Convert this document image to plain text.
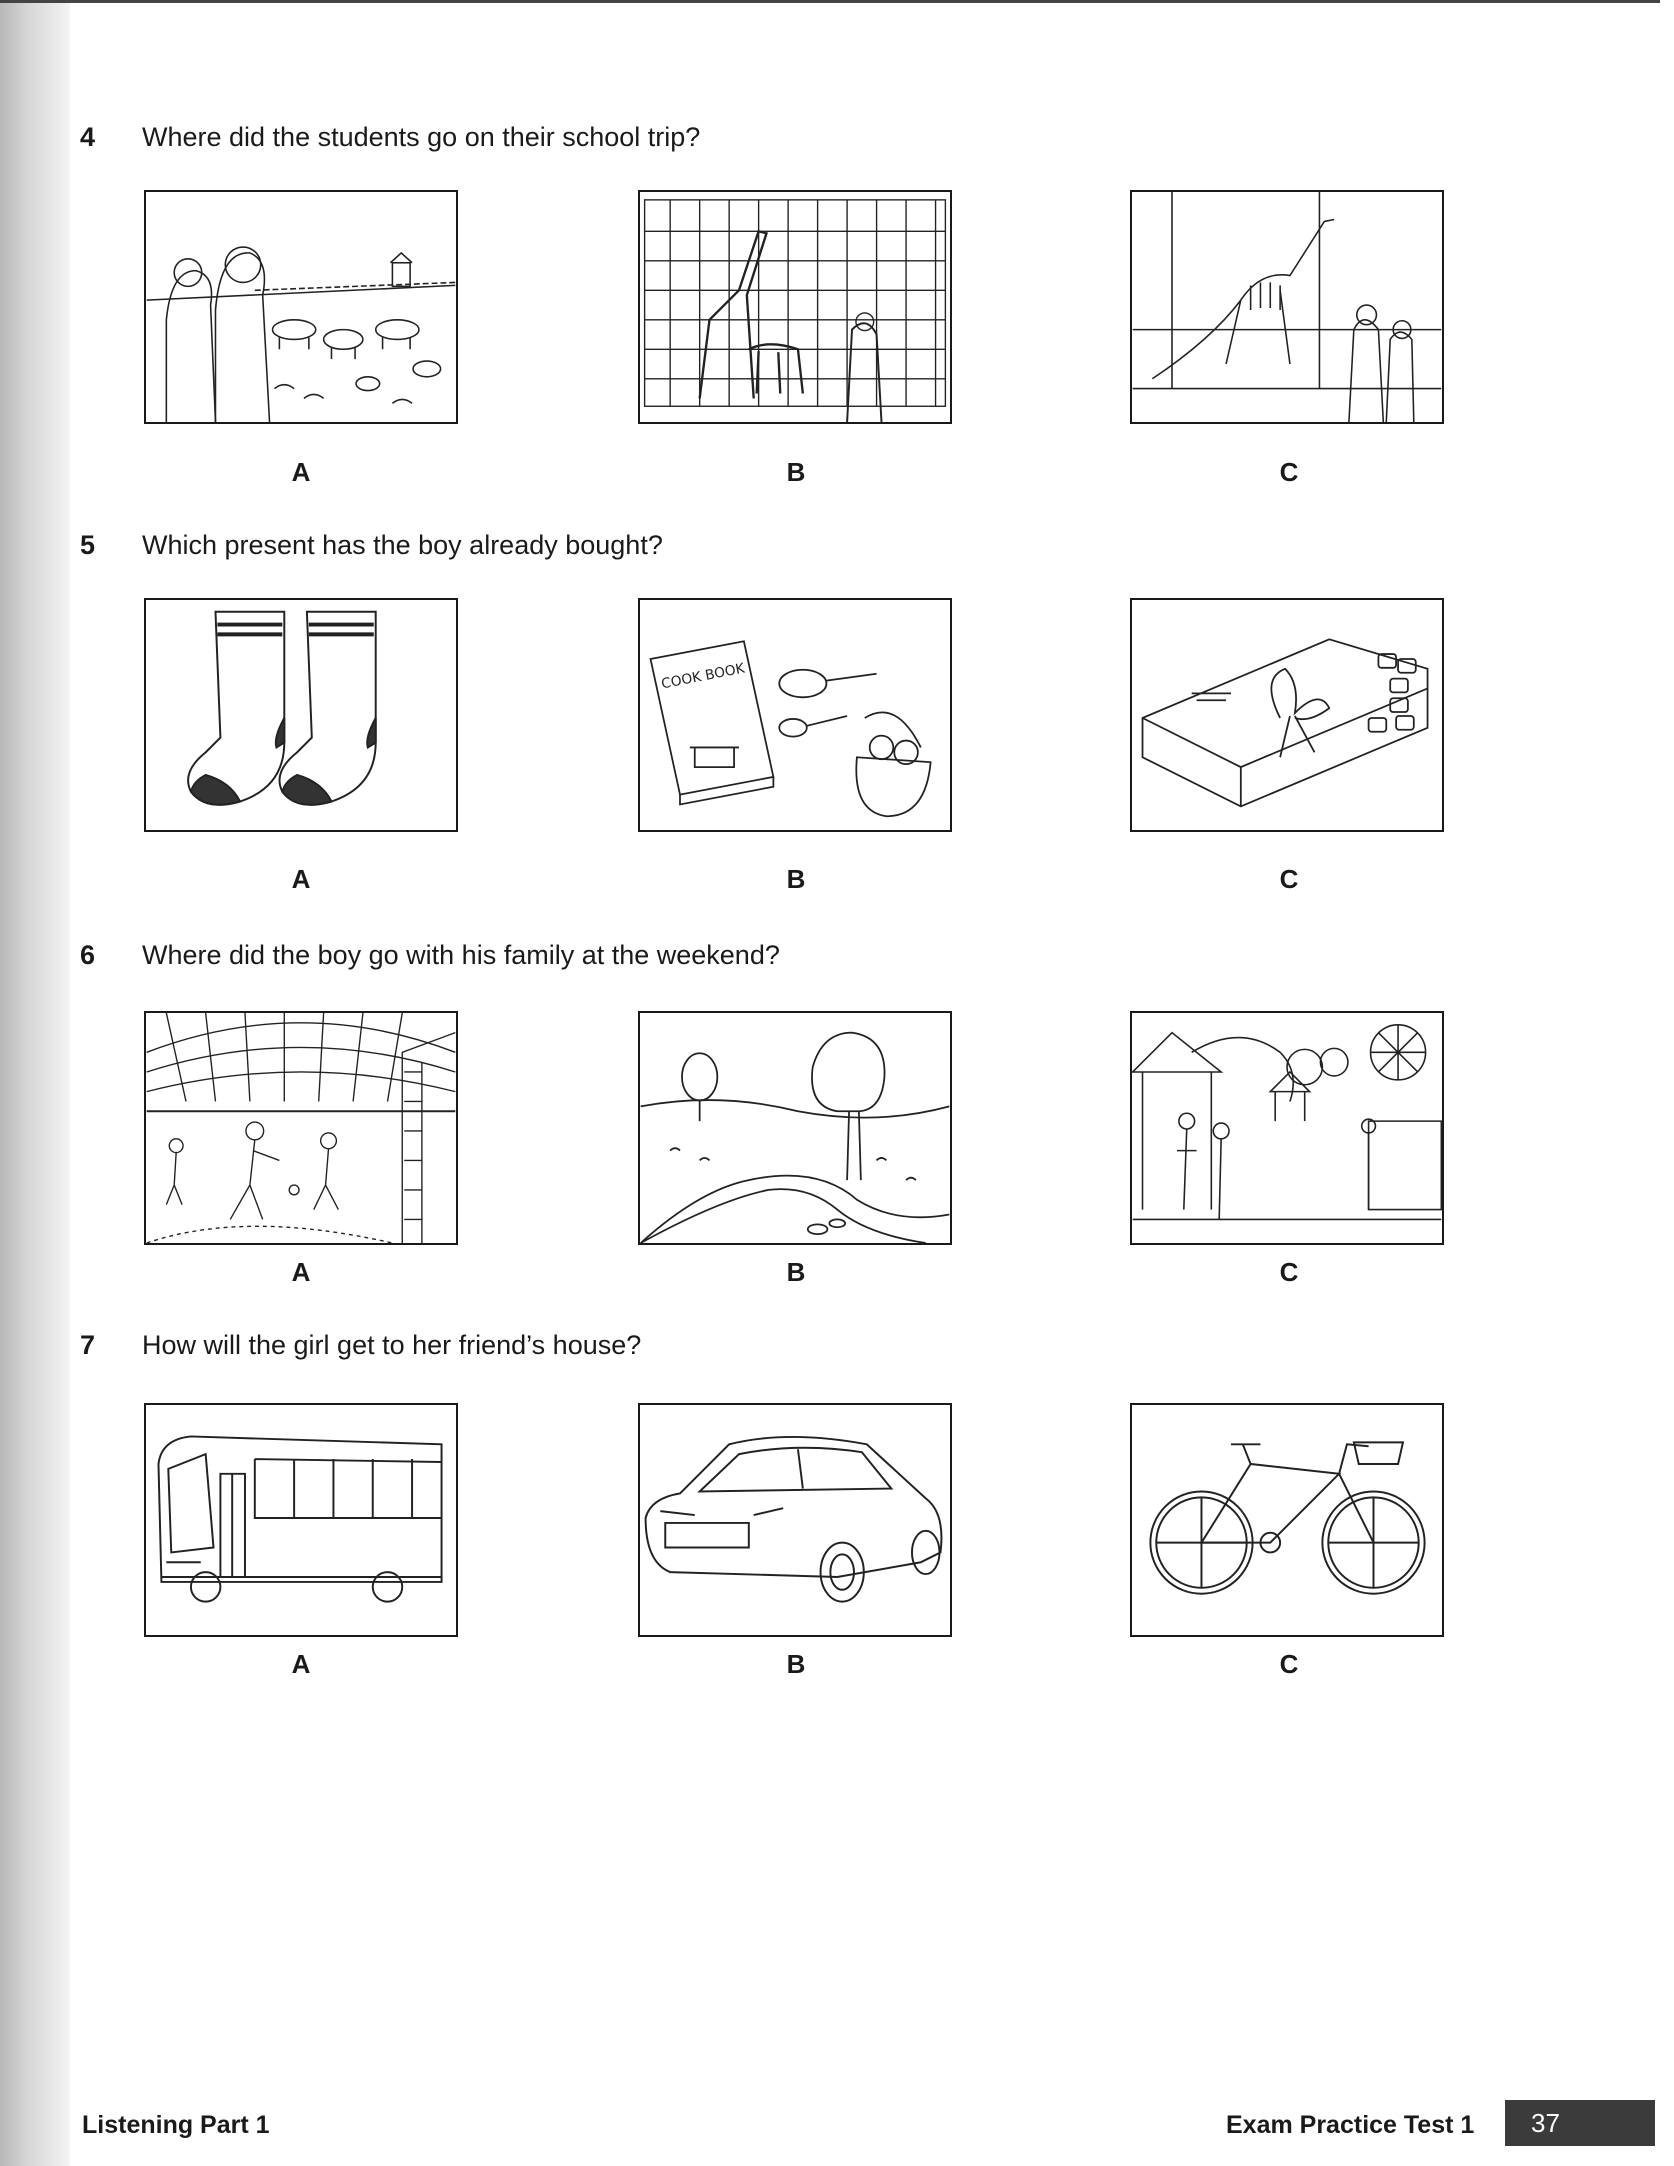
4 Where did the students go on their school trip?
A	B	C
5 Which present has the boy already bought?
A
COOK BOOK
B	C
6 Where did the boy go with his family at the weekend?
A	B	C
7 How will the girl get to her friend’s house?
A	B	C
Listening Part 1	Exam Practice Test 1	37
